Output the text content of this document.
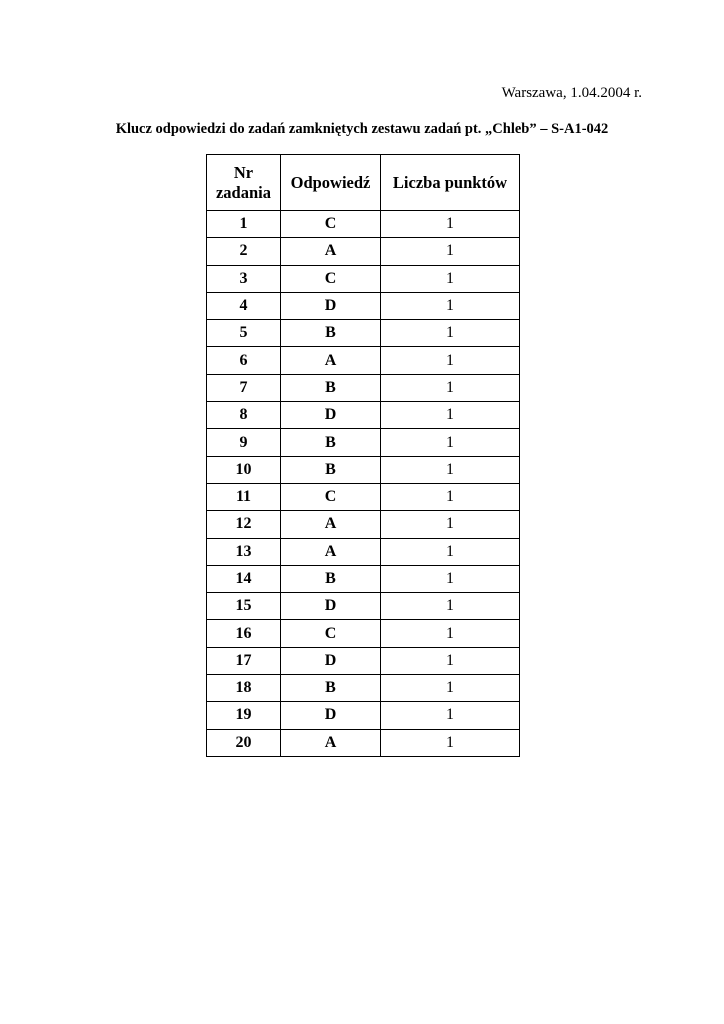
Warszawa, 1.04.2004 r.
Klucz odpowiedzi do zadań zamkniętych zestawu zadań pt. „Chleb” – S-A1-042
Nr
zadania	Odpowiedź	Liczba punktów
1	C	1
2	A	1
3	C	1
4	D	1
5	B	1
6	A	1
7	B	1
8	D	1
9	B	1
10	B	1
11	C	1
12	A	1
13	A	1
14	B	1
15	D	1
16	C	1
17	D	1
18	B	1
19	D	1
20	A	1
